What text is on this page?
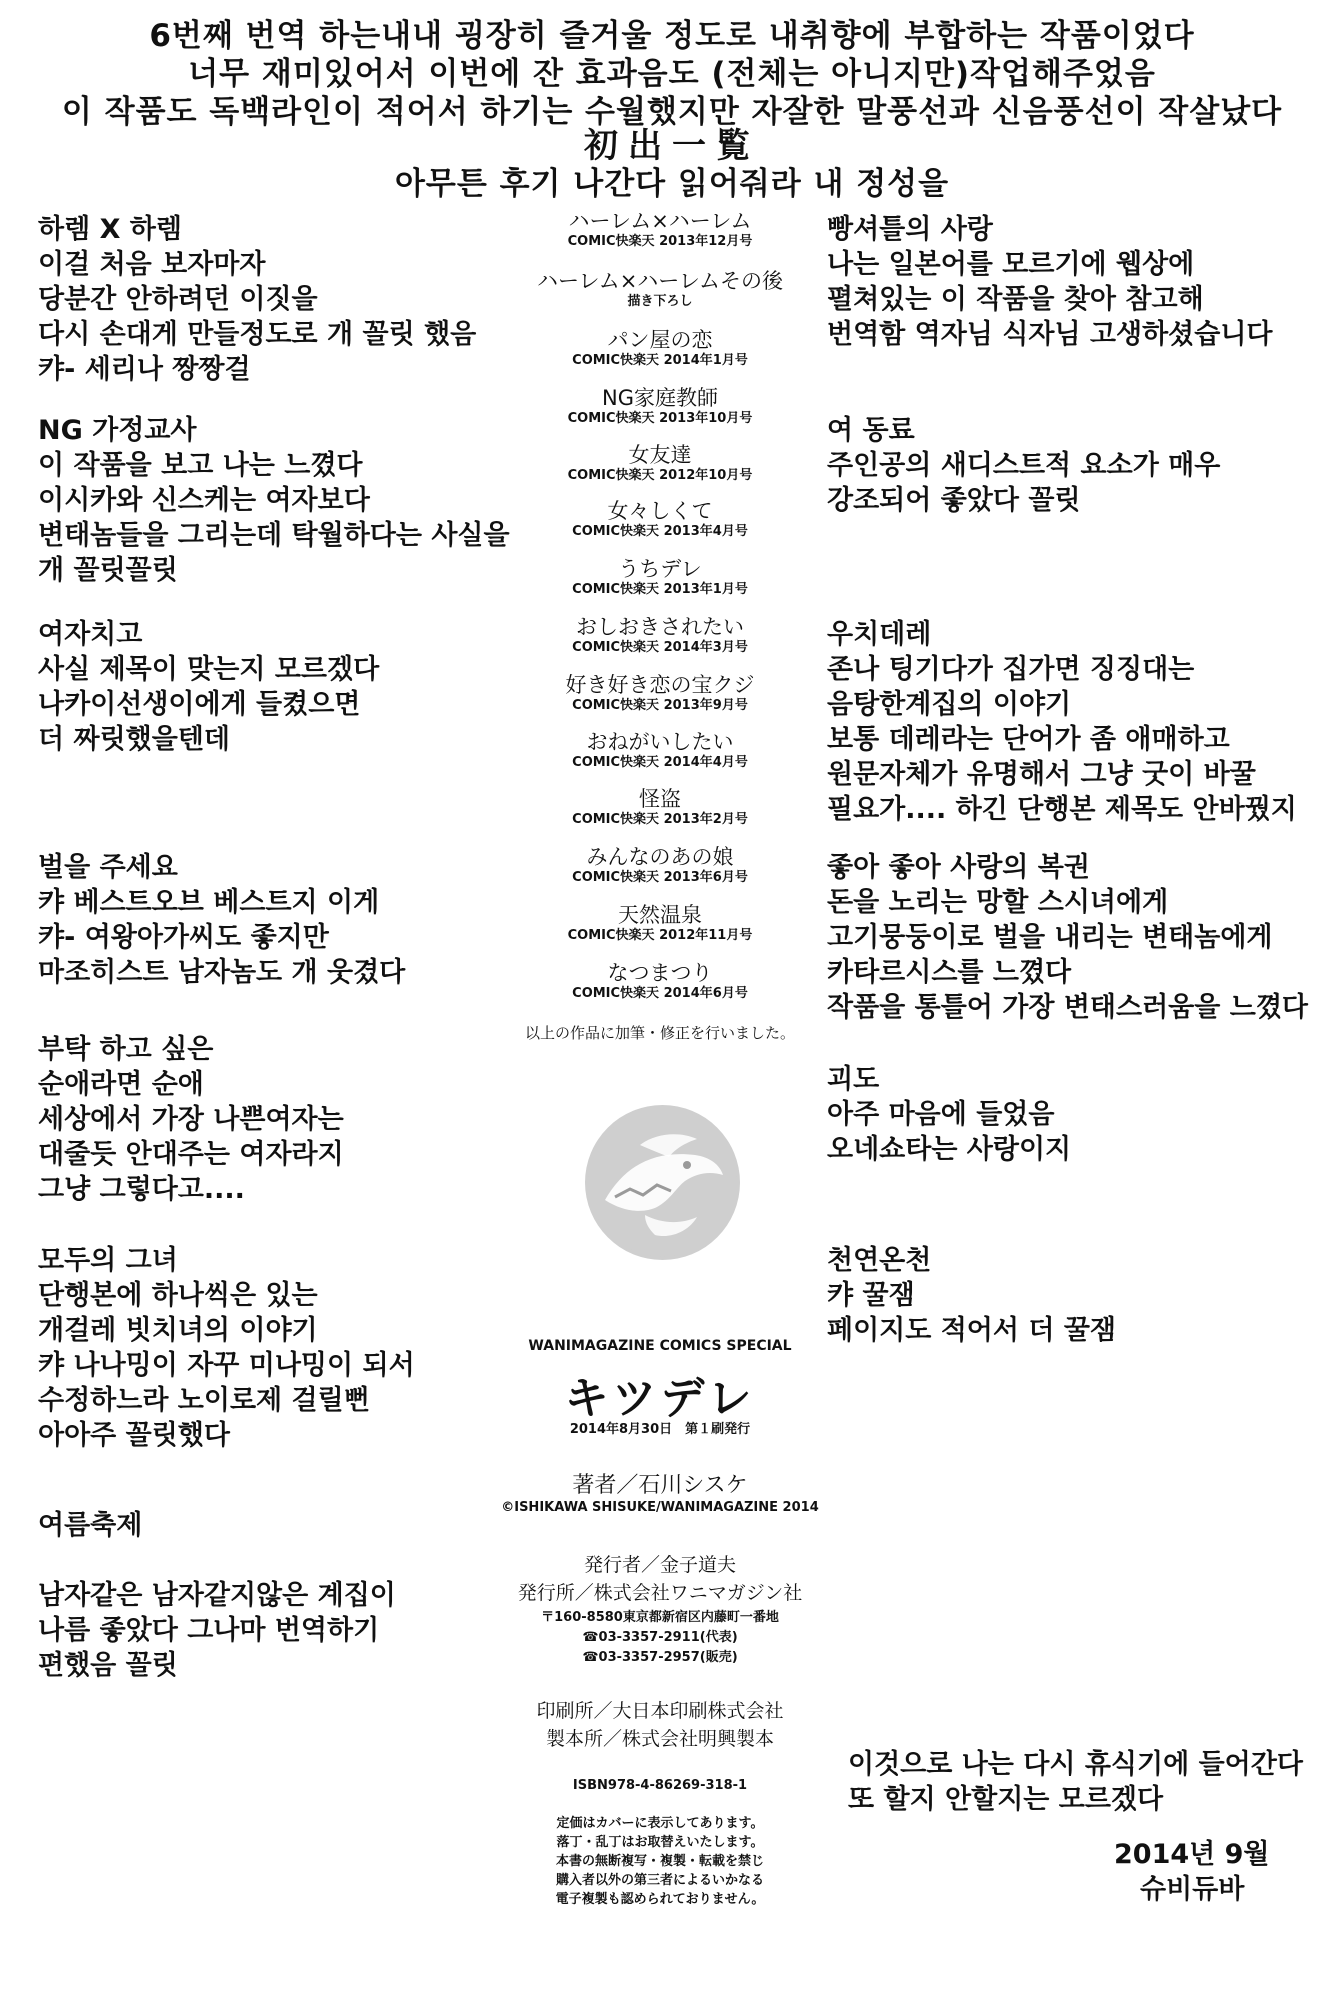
6번째 번역 하는내내 굉장히 즐거울 정도로 내취향에 부합하는 작품이었다
너무 재미있어서 이번에 잔 효과음도 (전체는 아니지만)작업해주었음
이 작품도 독백라인이 적어서 하기는 수월했지만 자잘한 말풍선과 신음풍선이 작살났다
初出一覧
아무튼 후기 나간다 읽어줘라 내 정성을
하렘 X 하렘
이걸 처음 보자마자
당분간 안하려던 이짓을
다시 손대게 만들정도로 개 꼴릿 했음
캬- 세리나 짱짱걸
NG 가정교사
이 작품을 보고 나는 느꼈다
이시카와 신스케는 여자보다
변태놈들을 그리는데 탁월하다는 사실을
개 꼴릿꼴릿
여자치고
사실 제목이 맞는지 모르겠다
나카이선생이에게 들켰으면
더 짜릿했을텐데
벌을 주세요
캬 베스트오브 베스트지 이게
캬- 여왕아가씨도 좋지만
마조히스트 남자놈도 개 웃겼다
부탁 하고 싶은
순애라면 순애
세상에서 가장 나쁜여자는
대줄듯 안대주는 여자라지
그냥 그렇다고....
모두의 그녀
단행본에 하나씩은 있는
개걸레 빗치녀의 이야기
캬 나나밍이 자꾸 미나밍이 되서
수정하느라 노이로제 걸릴뻔
아아주 꼴릿했다
여름축제
남자같은 남자같지않은 계집이
나름 좋았다 그나마 번역하기
편했음 꼴릿
빵셔틀의 사랑
나는 일본어를 모르기에 웹상에
펼쳐있는 이 작품을 찾아 참고해
번역함 역자님 식자님 고생하셨습니다
여 동료
주인공의 새디스트적 요소가 매우
강조되어 좋았다 꼴릿
우치데레
존나 팅기다가 집가면 징징대는
음탕한계집의 이야기
보통 데레라는 단어가 좀 애매하고
원문자체가 유명해서 그냥 굿이 바꿀
필요가.... 하긴 단행본 제목도 안바꿨지
좋아 좋아 사랑의 복권
돈을 노리는 망할 스시녀에게
고기뭉둥이로 벌을 내리는 변태놈에게
카타르시스를 느꼈다
작품을 통틀어 가장 변태스러움을 느꼈다
괴도
아주 마음에 들었음
오네쇼타는 사랑이지
천연온천
캬 꿀잼
페이지도 적어서 더 꿀잼
이것으로 나는 다시 휴식기에 들어간다
또 할지 안할지는 모르겠다
2014년 9월
슈비듀바
ハーレム×ハーレム
COMIC快楽天 2013年12月号
ハーレム×ハーレムその後
描き下ろし
パン屋の恋
COMIC快楽天 2014年1月号
NG家庭教師
COMIC快楽天 2013年10月号
女友達
COMIC快楽天 2012年10月号
女々しくて
COMIC快楽天 2013年4月号
うちデレ
COMIC快楽天 2013年1月号
おしおきされたい
COMIC快楽天 2014年3月号
好き好き恋の宝クジ
COMIC快楽天 2013年9月号
おねがいしたい
COMIC快楽天 2014年4月号
怪盗
COMIC快楽天 2013年2月号
みんなのあの娘
COMIC快楽天 2013年6月号
天然温泉
COMIC快楽天 2012年11月号
なつまつり
COMIC快楽天 2014年6月号
以上の作品に加筆・修正を行いました。
WANIMAGAZINE COMICS SPECIAL
キツデレ
2014年8月30日　第１刷発行
著者／石川シスケ
©ISHIKAWA SHISUKE/WANIMAGAZINE 2014
発行者／金子道夫
発行所／株式会社ワニマガジン社
〒160-8580東京都新宿区内藤町一番地
☎03-3357-2911(代表)
☎03-3357-2957(販売)
印刷所／大日本印刷株式会社
製本所／株式会社明興製本
ISBN978-4-86269-318-1
定価はカバーに表示してあります。
落丁・乱丁はお取替えいたします。
本書の無断複写・複製・転載を禁じ
購入者以外の第三者によるいかなる
電子複製も認められておりません。
